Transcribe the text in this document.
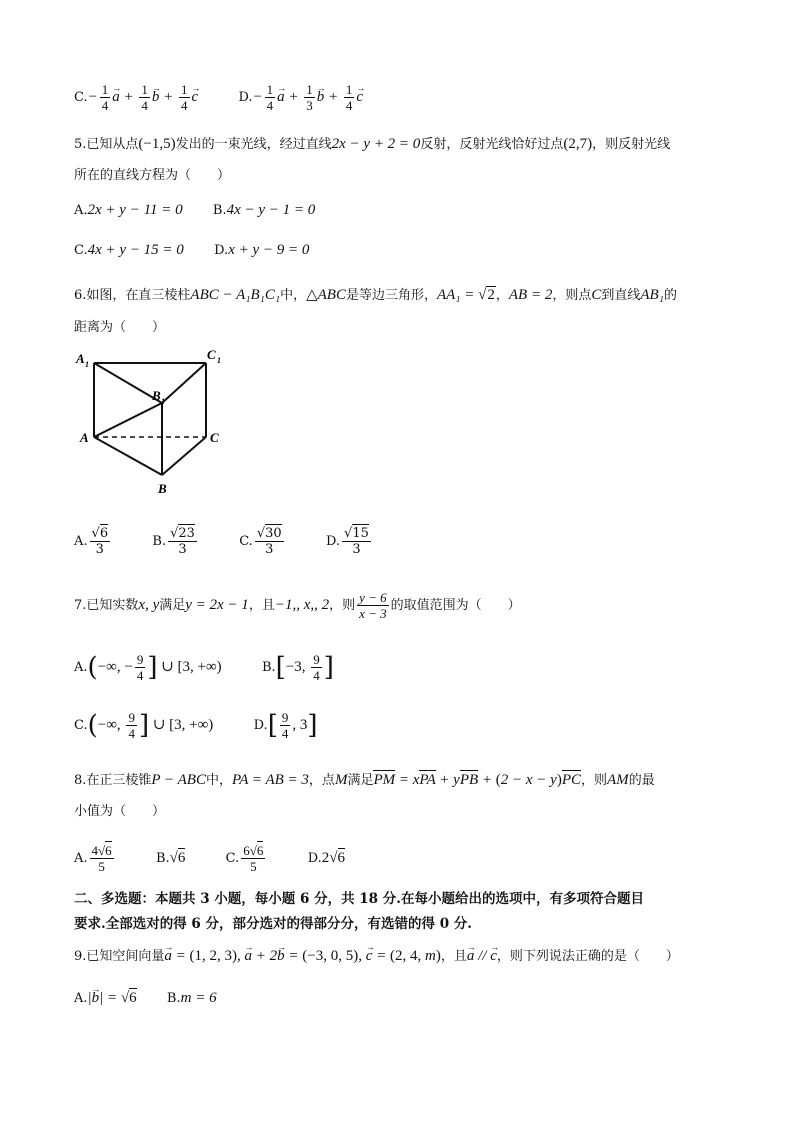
$C.- \frac{1}{4}$
→ $a + \frac{1}{4}$
→ $b + \frac{1}{4}$
→ c	$D.- \frac{1}{4}$
→ $a + \frac{1}{3}$
→ $b + \frac{1}{4}$
→ c
5.已知从点(−1,5)发出的一束光线，经过直线2x − y + 2 = 0反射，反射光线恰好过点(2,7)，则反射光线
所在的直线方程为（　　）
A.2x + y − 11 = 0 B.4x − y − 1 = 0
C.4x + y − 15 = 0 D.x + y − 9 = 0
6.如图，在直三棱柱ABC − A₁B₁C₁中，△ABC是等边三角形，AA₁ = √2，AB = 2，则点C到直线AB₁的
距离为（　　）
A 1
C 1
B 1
A	C
B
A. $\frac{√6}{3}$	B. $\frac{√23}{3}$	C. $\frac{√30}{3}$	D. $\frac{√15}{3}$
7.已知实数x, y满足y = 2x − 1，且−1,, x,, 2，则 $\frac{y - 6}{x - 3}$ 的取值范围为（　　）
A.(−∞, − $\frac{9}{4}$ ] ∪ [3, +∞)	B.[−3, $\frac{9}{4}$ ]
C.(−∞, $\frac{9}{4}$ ] ∪ [3, +∞)	$D.[ \frac{9}{4}$ , 3]
8.在正三棱锥P − ABC中，PA = AB = 3，点M满足PM = xPA + yPB + (2 − x − y)PC，则AM的最
小值为（　　）
A. $\frac{4√6}{5}$	B.√6	C. $\frac{6√6}{5}$	D.2√6
二、多选题：本题共 3 小题，每小题 6 分，共 18 分.在每小题给出的选项中，有多项符合题目
要求.全部选对的得 6 分，部分选对的得部分分，有选错的得 0 分.
9.已知空间向量→ a = (1, 2, 3), → a + 2→ b = (−3, 0, 5), → c = (2, 4, m)，且→ a // → c，则下列说法正确的是（　　）
A.|→ b| = √6 B.m = 6
